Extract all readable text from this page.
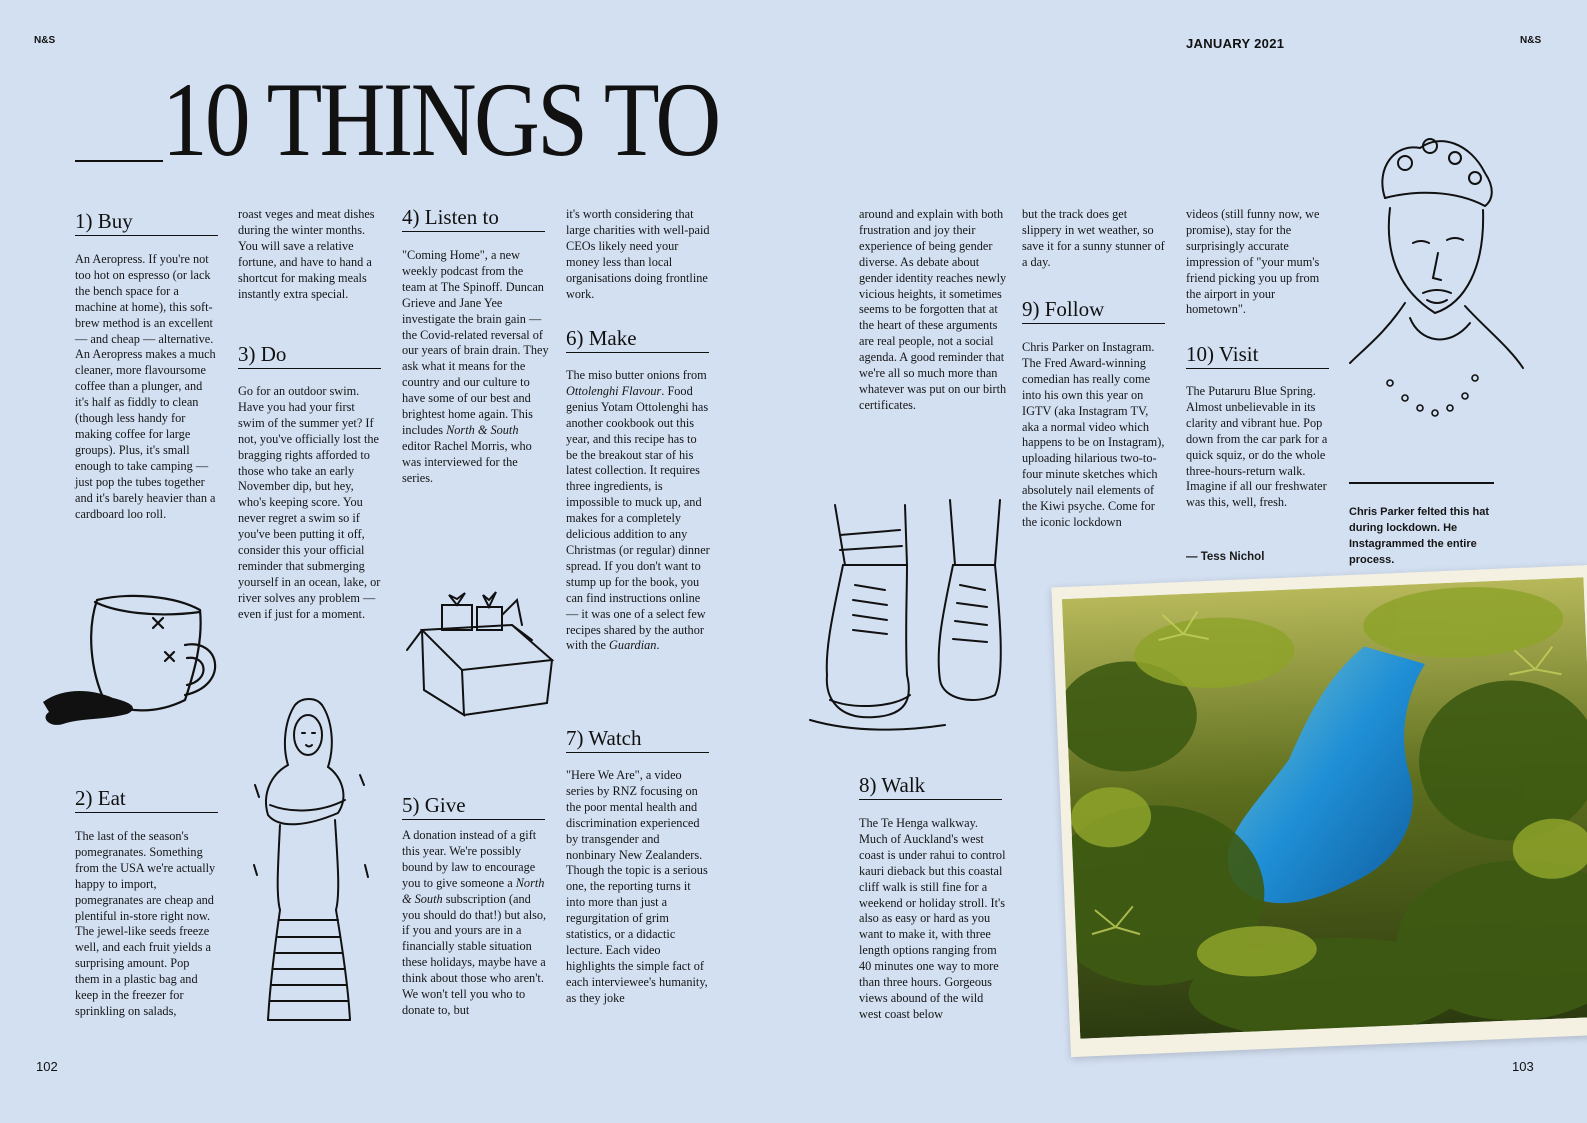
N&S	N&S
JANUARY 2021
10 THINGS TO
1) Buy
An Aeropress. If you're not too hot on espresso (or lack the bench space for a machine at home), this soft-brew method is an excellent — and cheap — alternative. An Aeropress makes a much cleaner, more flavoursome coffee than a plunger, and it's half as fiddly to clean (though less handy for making coffee for large groups). Plus, it's small enough to take camping — just pop the tubes together and it's barely heavier than a cardboard loo roll.
2) Eat
The last of the season's pomegranates. Something from the USA we're actually happy to import, pomegranates are cheap and plentiful in-store right now. The jewel-like seeds freeze well, and each fruit yields a surprising amount. Pop them in a plastic bag and keep in the freezer for sprinkling on salads,
roast veges and meat dishes during the winter months. You will save a relative fortune, and have to hand a shortcut for making meals instantly extra special.
3) Do
Go for an outdoor swim. Have you had your first swim of the summer yet? If not, you've officially lost the bragging rights afforded to those who take an early November dip, but hey, who's keeping score. You never regret a swim so if you've been putting it off, consider this your official reminder that submerging yourself in an ocean, lake, or river solves any problem — even if just for a moment.
4) Listen to
"Coming Home", a new weekly podcast from the team at The Spinoff. Duncan Grieve and Jane Yee investigate the brain gain — the Covid-related reversal of our years of brain drain. They ask what it means for the country and our culture to have some of our best and brightest home again. This includes North & South editor Rachel Morris, who was interviewed for the series.
5) Give
A donation instead of a gift this year. We're possibly bound by law to encourage you to give someone a North & South subscription (and you should do that!) but also, if you and yours are in a financially stable situation these holidays, maybe have a think about those who aren't. We won't tell you who to donate to, but
it's worth considering that large charities with well-paid CEOs likely need your money less than local organisations doing frontline work.
6) Make
The miso butter onions from Ottolenghi Flavour. Food genius Yotam Ottolenghi has another cookbook out this year, and this recipe has to be the breakout star of his latest collection. It requires three ingredients, is impossible to muck up, and makes for a completely delicious addition to any Christmas (or regular) dinner spread. If you don't want to stump up for the book, you can find instructions online — it was one of a select few recipes shared by the author with the Guardian.
7) Watch
"Here We Are", a video series by RNZ focusing on the poor mental health and discrimination experienced by transgender and nonbinary New Zealanders. Though the topic is a serious one, the reporting turns it into more than just a regurgitation of grim statistics, or a didactic lecture. Each video highlights the simple fact of each interviewee's humanity, as they joke
around and explain with both frustration and joy their experience of being gender diverse. As debate about gender identity reaches newly vicious heights, it sometimes seems to be forgotten that at the heart of these arguments are real people, not a social agenda. A good reminder that we're all so much more than whatever was put on our birth certificates.
8) Walk
The Te Henga walkway. Much of Auckland's west coast is under rahui to control kauri dieback but this coastal cliff walk is still fine for a weekend or holiday stroll. It's also as easy or hard as you want to make it, with three length options ranging from 40 minutes one way to more than three hours. Gorgeous views abound of the wild west coast below
but the track does get slippery in wet weather, so save it for a sunny stunner of a day.
9) Follow
Chris Parker on Instagram. The Fred Award-winning comedian has really come into his own this year on IGTV (aka Instagram TV, aka a normal video which happens to be on Instagram), uploading hilarious two-to-four minute sketches which absolutely nail elements of the Kiwi psyche. Come for the iconic lockdown
videos (still funny now, we promise), stay for the surprisingly accurate impression of "your mum's friend picking you up from the airport in your hometown".
10) Visit
The Putaruru Blue Spring. Almost unbelievable in its clarity and vibrant hue. Pop down from the car park for a quick squiz, or do the whole three-hours-return walk. Imagine if all our freshwater was this, well, fresh.
— Tess Nichol
Chris Parker felted this hat during lockdown. He Instagrammed the entire process.
102	103
